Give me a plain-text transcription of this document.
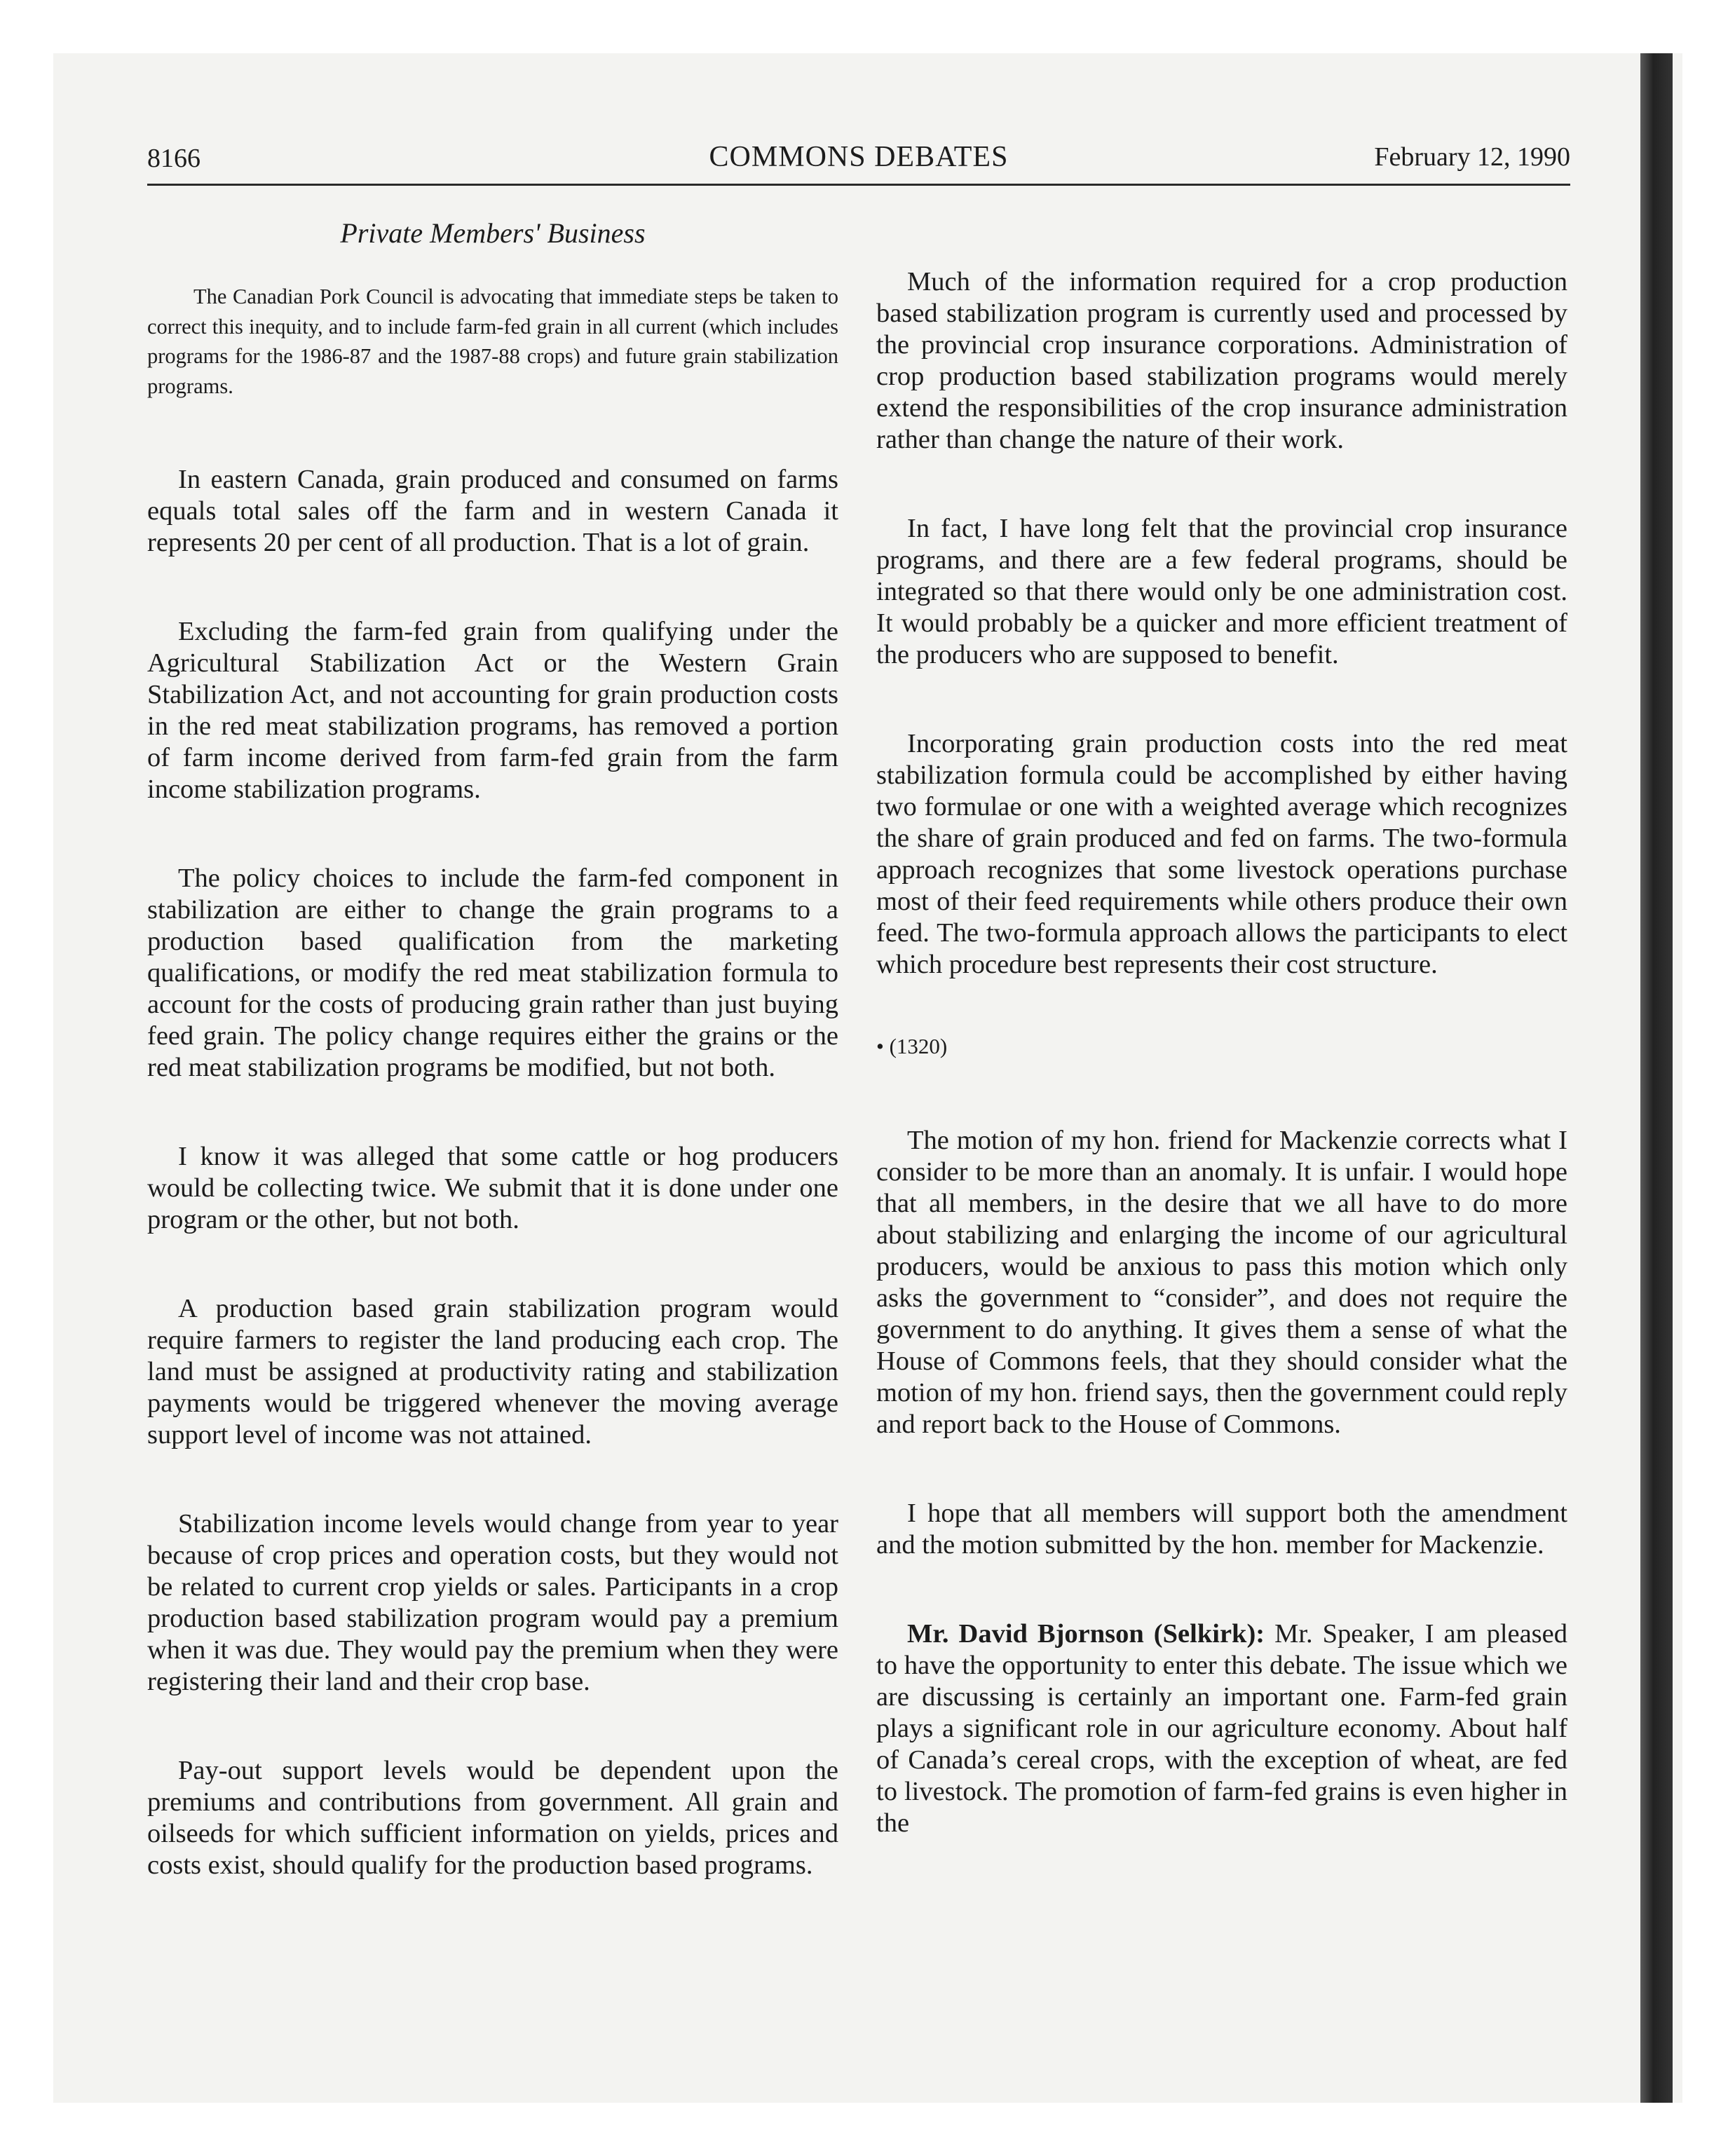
8166	COMMONS DEBATES	February 12, 1990
Private Members' Business

The Canadian Pork Council is advocating that immediate steps be taken to correct this inequity, and to include farm-fed grain in all current (which includes programs for the 1986-87 and the 1987-88 crops) and future grain stabilization programs.

In eastern Canada, grain produced and consumed on farms equals total sales off the farm and in western Canada it represents 20 per cent of all production. That is a lot of grain.

Excluding the farm-fed grain from qualifying under the Agricultural Stabilization Act or the Western Grain Stabilization Act, and not accounting for grain production costs in the red meat stabilization programs, has removed a portion of farm income derived from farm-fed grain from the farm income stabilization programs.

The policy choices to include the farm-fed component in stabilization are either to change the grain programs to a production based qualification from the marketing qualifications, or modify the red meat stabilization formula to account for the costs of producing grain rather than just buying feed grain. The policy change requires either the grains or the red meat stabilization programs be modified, but not both.

I know it was alleged that some cattle or hog producers would be collecting twice. We submit that it is done under one program or the other, but not both.

A production based grain stabilization program would require farmers to register the land producing each crop. The land must be assigned at productivity rating and stabilization payments would be triggered whenever the moving average support level of income was not attained.

Stabilization income levels would change from year to year because of crop prices and operation costs, but they would not be related to current crop yields or sales. Participants in a crop production based stabilization program would pay a premium when it was due. They would pay the premium when they were registering their land and their crop base.

Pay-out support levels would be dependent upon the premiums and contributions from government. All grain and oilseeds for which sufficient information on yields, prices and costs exist, should qualify for the production based programs.

Much of the information required for a crop production based stabilization program is currently used and processed by the provincial crop insurance corporations. Administration of crop production based stabilization programs would merely extend the responsibilities of the crop insurance administration rather than change the nature of their work.

In fact, I have long felt that the provincial crop insurance programs, and there are a few federal programs, should be integrated so that there would only be one administration cost. It would probably be a quicker and more efficient treatment of the producers who are supposed to benefit.

Incorporating grain production costs into the red meat stabilization formula could be accomplished by either having two formulae or one with a weighted average which recognizes the share of grain produced and fed on farms. The two-formula approach recognizes that some livestock operations purchase most of their feed requirements while others produce their own feed. The two-formula approach allows the participants to elect which procedure best represents their cost structure.

• (1320)

The motion of my hon. friend for Mackenzie corrects what I consider to be more than an anomaly. It is unfair. I would hope that all members, in the desire that we all have to do more about stabilizing and enlarging the income of our agricultural producers, would be anxious to pass this motion which only asks the government to “consider”, and does not require the government to do anything. It gives them a sense of what the House of Commons feels, that they should consider what the motion of my hon. friend says, then the government could reply and report back to the House of Commons.

I hope that all members will support both the amendment and the motion submitted by the hon. member for Mackenzie.

Mr. David Bjornson (Selkirk): Mr. Speaker, I am pleased to have the opportunity to enter this debate. The issue which we are discussing is certainly an important one. Farm-fed grain plays a significant role in our agriculture economy. About half of Canada’s cereal crops, with the exception of wheat, are fed to livestock. The promotion of farm-fed grains is even higher in the
